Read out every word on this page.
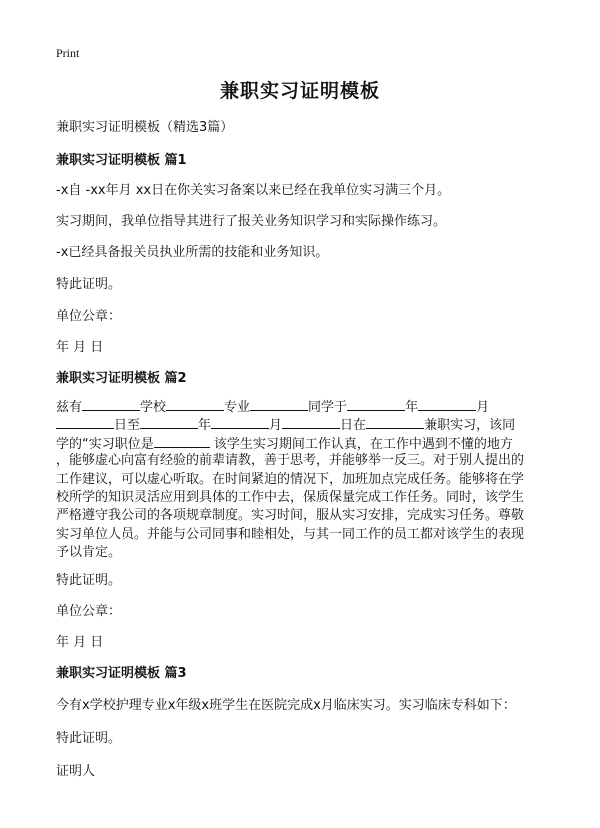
Print
兼职实习证明模板
兼职实习证明模板（精选3篇）
兼职实习证明模板 篇1
-x自 -xx年月 xx日在你关实习备案以来已经在我单位实习满三个月。
实习期间，我单位指导其进行了报关业务知识学习和实际操作练习。
-x已经具备报关员执业所需的技能和业务知识。
特此证明。
单位公章：
年 月 日
兼职实习证明模板 篇2
兹有	学校	专业	同学于	年	月
日至	年	月	日在	兼职实习，该同
学的“实习职位是	该学生实习期间工作认真，在工作中遇到不懂的地方
，能够虚心向富有经验的前辈请教，善于思考，并能够举一反三。对于别人提出的
工作建议，可以虚心听取。在时间紧迫的情况下，加班加点完成任务。能够将在学
校所学的知识灵活应用到具体的工作中去，保质保量完成工作任务。同时，该学生
严格遵守我公司的各项规章制度。实习时间，服从实习安排，完成实习任务。尊敬
实习单位人员。并能与公司同事和睦相处，与其一同工作的员工都对该学生的表现
予以肯定。
特此证明。
单位公章：
年 月 日
兼职实习证明模板 篇3
今有x学校护理专业x年级x班学生在医院完成x月临床实习。实习临床专科如下：
特此证明。
证明人
